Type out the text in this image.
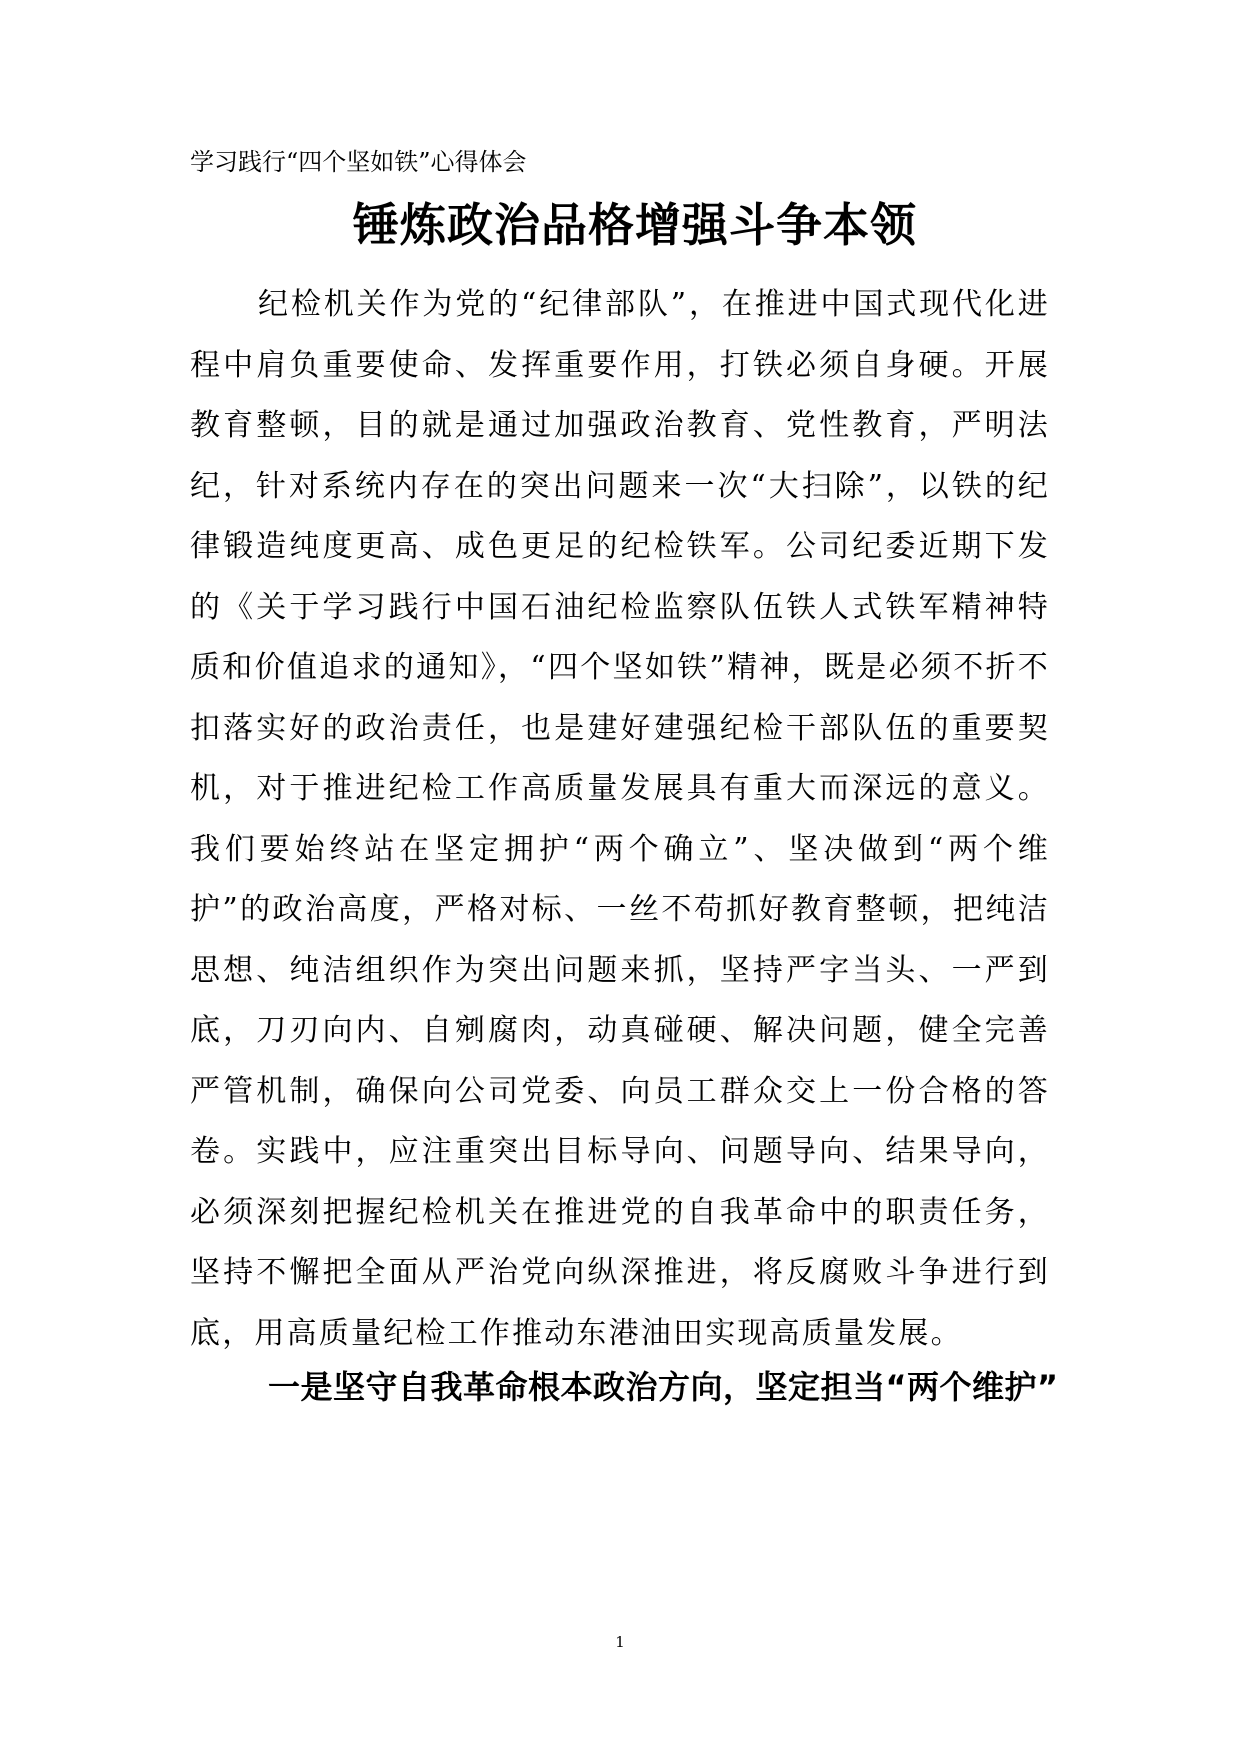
学习践行“四个坚如铁”心得体会
锤炼政治品格增强斗争本领

纪检机关作为党的“纪律部队”，在推进中国式现代化进程中肩负重要使命、发挥重要作用，打铁必须自身硬。开展教育整顿，目的就是通过加强政治教育、党性教育，严明法纪，针对系统内存在的突出问题来一次“大扫除”，以铁的纪律锻造纯度更高、成色更足的纪检铁军。公司纪委近期下发的《关于学习践行中国石油纪检监察队伍铁人式铁军精神特质和价值追求的通知》，“四个坚如铁”精神，既是必须不折不扣落实好的政治责任，也是建好建强纪检干部队伍的重要契机，对于推进纪检工作高质量发展具有重大而深远的意义。我们要始终站在坚定拥护“两个确立”、坚决做到“两个维护”的政治高度，严格对标、一丝不苟抓好教育整顿，把纯洁思想、纯洁组织作为突出问题来抓，坚持严字当头、一严到底，刀刃向内、自剜腐肉，动真碰硬、解决问题，健全完善严管机制，确保向公司党委、向员工群众交上一份合格的答卷。实践中，应注重突出目标导向、问题导向、结果导向，必须深刻把握纪检机关在推进党的自我革命中的职责任务，坚持不懈把全面从严治党向纵深推进，将反腐败斗争进行到底，用高质量纪检工作推动东港油田实现高质量发展。

一是坚守自我革命根本政治方向，坚定担当“两个维护”
1
